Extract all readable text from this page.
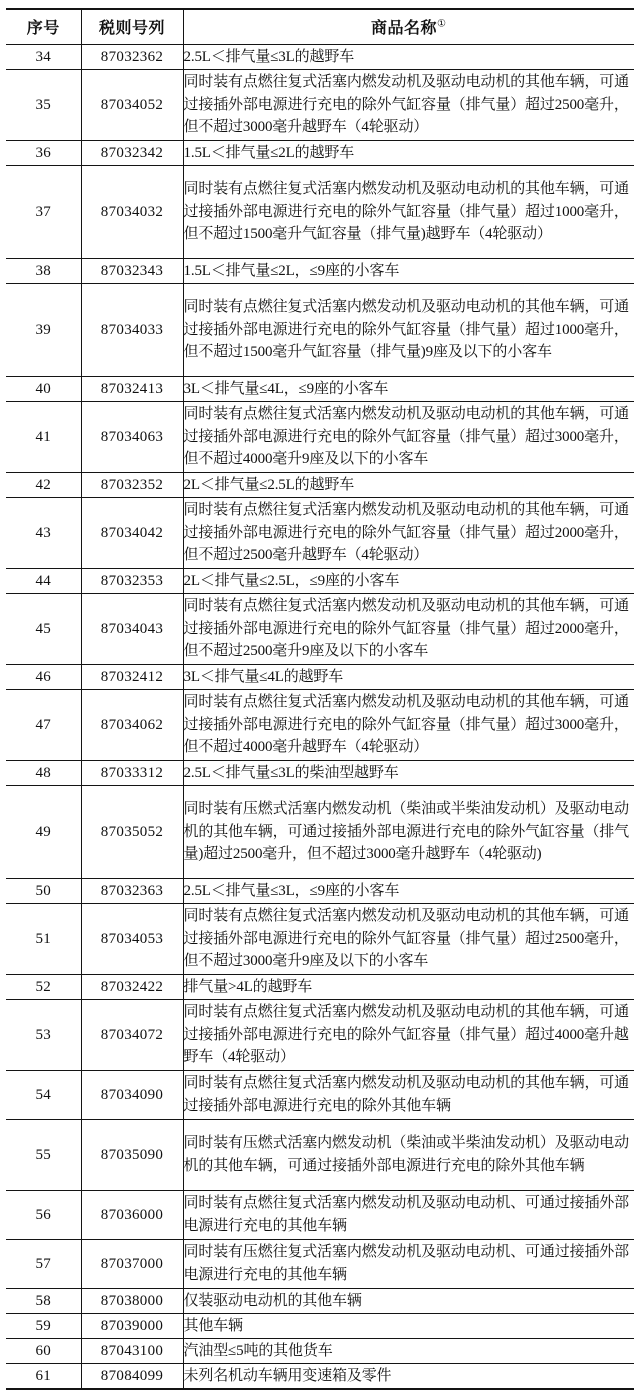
序号	税则号列	商品名称①
34	87032362	2.5L＜排气量≤3L的越野车

35	87034052	同时装有点燃往复式活塞内燃发动机及驱动电动机的其他车辆，可通过接插外部电源进行充电的除外气缸容量（排气量）超过2500毫升，但不超过3000毫升越野车（4轮驱动）

36	87032342	1.5L＜排气量≤2L的越野车

37	87034032	同时装有点燃往复式活塞内燃发动机及驱动电动机的其他车辆，可通过接插外部电源进行充电的除外气缸容量（排气量）超过1000毫升，但不超过1500毫升气缸容量（排气量)越野车（4轮驱动）

38	87032343	1.5L＜排气量≤2L，≤9座的小客车

39	87034033	同时装有点燃往复式活塞内燃发动机及驱动电动机的其他车辆，可通过接插外部电源进行充电的除外气缸容量（排气量）超过1000毫升，但不超过1500毫升气缸容量（排气量)9座及以下的小客车

40	87032413	3L＜排气量≤4L，≤9座的小客车

41	87034063	同时装有点燃往复式活塞内燃发动机及驱动电动机的其他车辆，可通过接插外部电源进行充电的除外气缸容量（排气量）超过3000毫升，但不超过4000毫升9座及以下的小客车

42	87032352	2L＜排气量≤2.5L的越野车

43	87034042	同时装有点燃往复式活塞内燃发动机及驱动电动机的其他车辆，可通过接插外部电源进行充电的除外气缸容量（排气量）超过2000毫升，但不超过2500毫升越野车（4轮驱动）

44	87032353	2L＜排气量≤2.5L，≤9座的小客车

45	87034043	同时装有点燃往复式活塞内燃发动机及驱动电动机的其他车辆，可通过接插外部电源进行充电的除外气缸容量（排气量）超过2000毫升，但不超过2500毫升9座及以下的小客车

46	87032412	3L＜排气量≤4L的越野车

47	87034062	同时装有点燃往复式活塞内燃发动机及驱动电动机的其他车辆，可通过接插外部电源进行充电的除外气缸容量（排气量）超过3000毫升，但不超过4000毫升越野车（4轮驱动）

48	87033312	2.5L＜排气量≤3L的柴油型越野车

49	87035052	同时装有压燃式活塞内燃发动机（柴油或半柴油发动机）及驱动电动机的其他车辆，可通过接插外部电源进行充电的除外气缸容量（排气量)超过2500毫升，但不超过3000毫升越野车（4轮驱动)

50	87032363	2.5L＜排气量≤3L，≤9座的小客车

51	87034053	同时装有点燃往复式活塞内燃发动机及驱动电动机的其他车辆，可通过接插外部电源进行充电的除外气缸容量（排气量）超过2500毫升，但不超过3000毫升9座及以下的小客车

52	87032422	排气量>4L的越野车

53	87034072	同时装有点燃往复式活塞内燃发动机及驱动电动机的其他车辆，可通过接插外部电源进行充电的除外气缸容量（排气量）超过4000毫升越野车（4轮驱动）

54	87034090	同时装有点燃往复式活塞内燃发动机及驱动电动机的其他车辆，可通过接插外部电源进行充电的除外其他车辆

55	87035090	同时装有压燃式活塞内燃发动机（柴油或半柴油发动机）及驱动电动机的其他车辆，可通过接插外部电源进行充电的除外其他车辆

56	87036000	同时装有点燃往复式活塞内燃发动机及驱动电动机、可通过接插外部电源进行充电的其他车辆

57	87037000	同时装有压燃往复式活塞内燃发动机及驱动电动机、可通过接插外部电源进行充电的其他车辆

58	87038000	仅装驱动电动机的其他车辆

59	87039000	其他车辆

60	87043100	汽油型≤5吨的其他货车

61	87084099	未列名机动车辆用变速箱及零件
